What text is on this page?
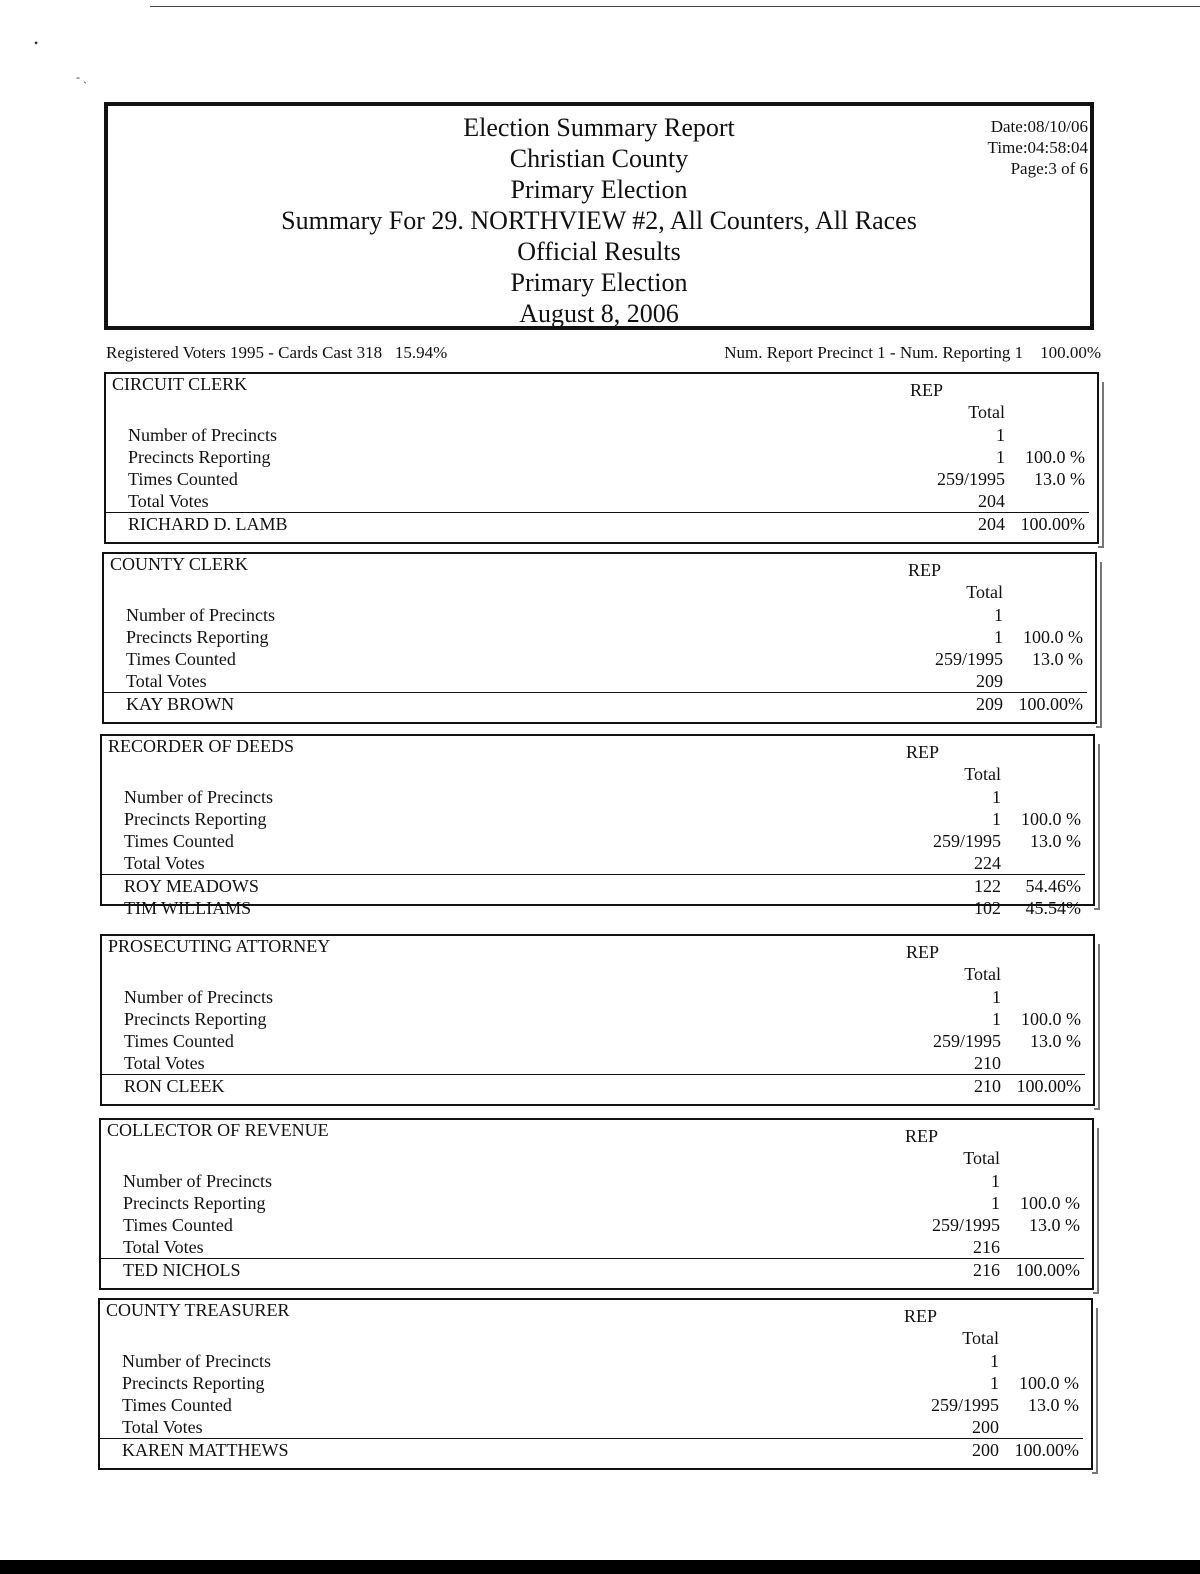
•
‐ ˎ
Election Summary Report
Christian County
Primary Election
Summary For 29. NORTHVIEW #2, All Counters, All Races
Official Results
Primary Election
August 8, 2006
Date:08/10/06
Time:04:58:04
Page:3 of 6
Registered Voters 1995 - Cards Cast 318   15.94%	Num. Report Precinct 1 - Num. Reporting 1    100.00%
CIRCUIT CLERK	REP
Total
Number of Precincts	1
Precincts Reporting	1 100.0 %
Times Counted	259/1995 13.0 %
Total Votes	204
RICHARD D. LAMB	204 100.00%
COUNTY CLERK	REP
Total
Number of Precincts	1
Precincts Reporting	1 100.0 %
Times Counted	259/1995 13.0 %
Total Votes	209
KAY BROWN	209 100.00%
RECORDER OF DEEDS	REP
Total
Number of Precincts	1
Precincts Reporting	1 100.0 %
Times Counted	259/1995 13.0 %
Total Votes	224
ROY MEADOWS	122 54.46%
TIM WILLIAMS	102 45.54%
PROSECUTING ATTORNEY	REP
Total
Number of Precincts	1
Precincts Reporting	1 100.0 %
Times Counted	259/1995 13.0 %
Total Votes	210
RON CLEEK	210 100.00%
COLLECTOR OF REVENUE	REP
Total
Number of Precincts	1
Precincts Reporting	1 100.0 %
Times Counted	259/1995 13.0 %
Total Votes	216
TED NICHOLS	216 100.00%
COUNTY TREASURER	REP
Total
Number of Precincts	1
Precincts Reporting	1 100.0 %
Times Counted	259/1995 13.0 %
Total Votes	200
KAREN MATTHEWS	200 100.00%
